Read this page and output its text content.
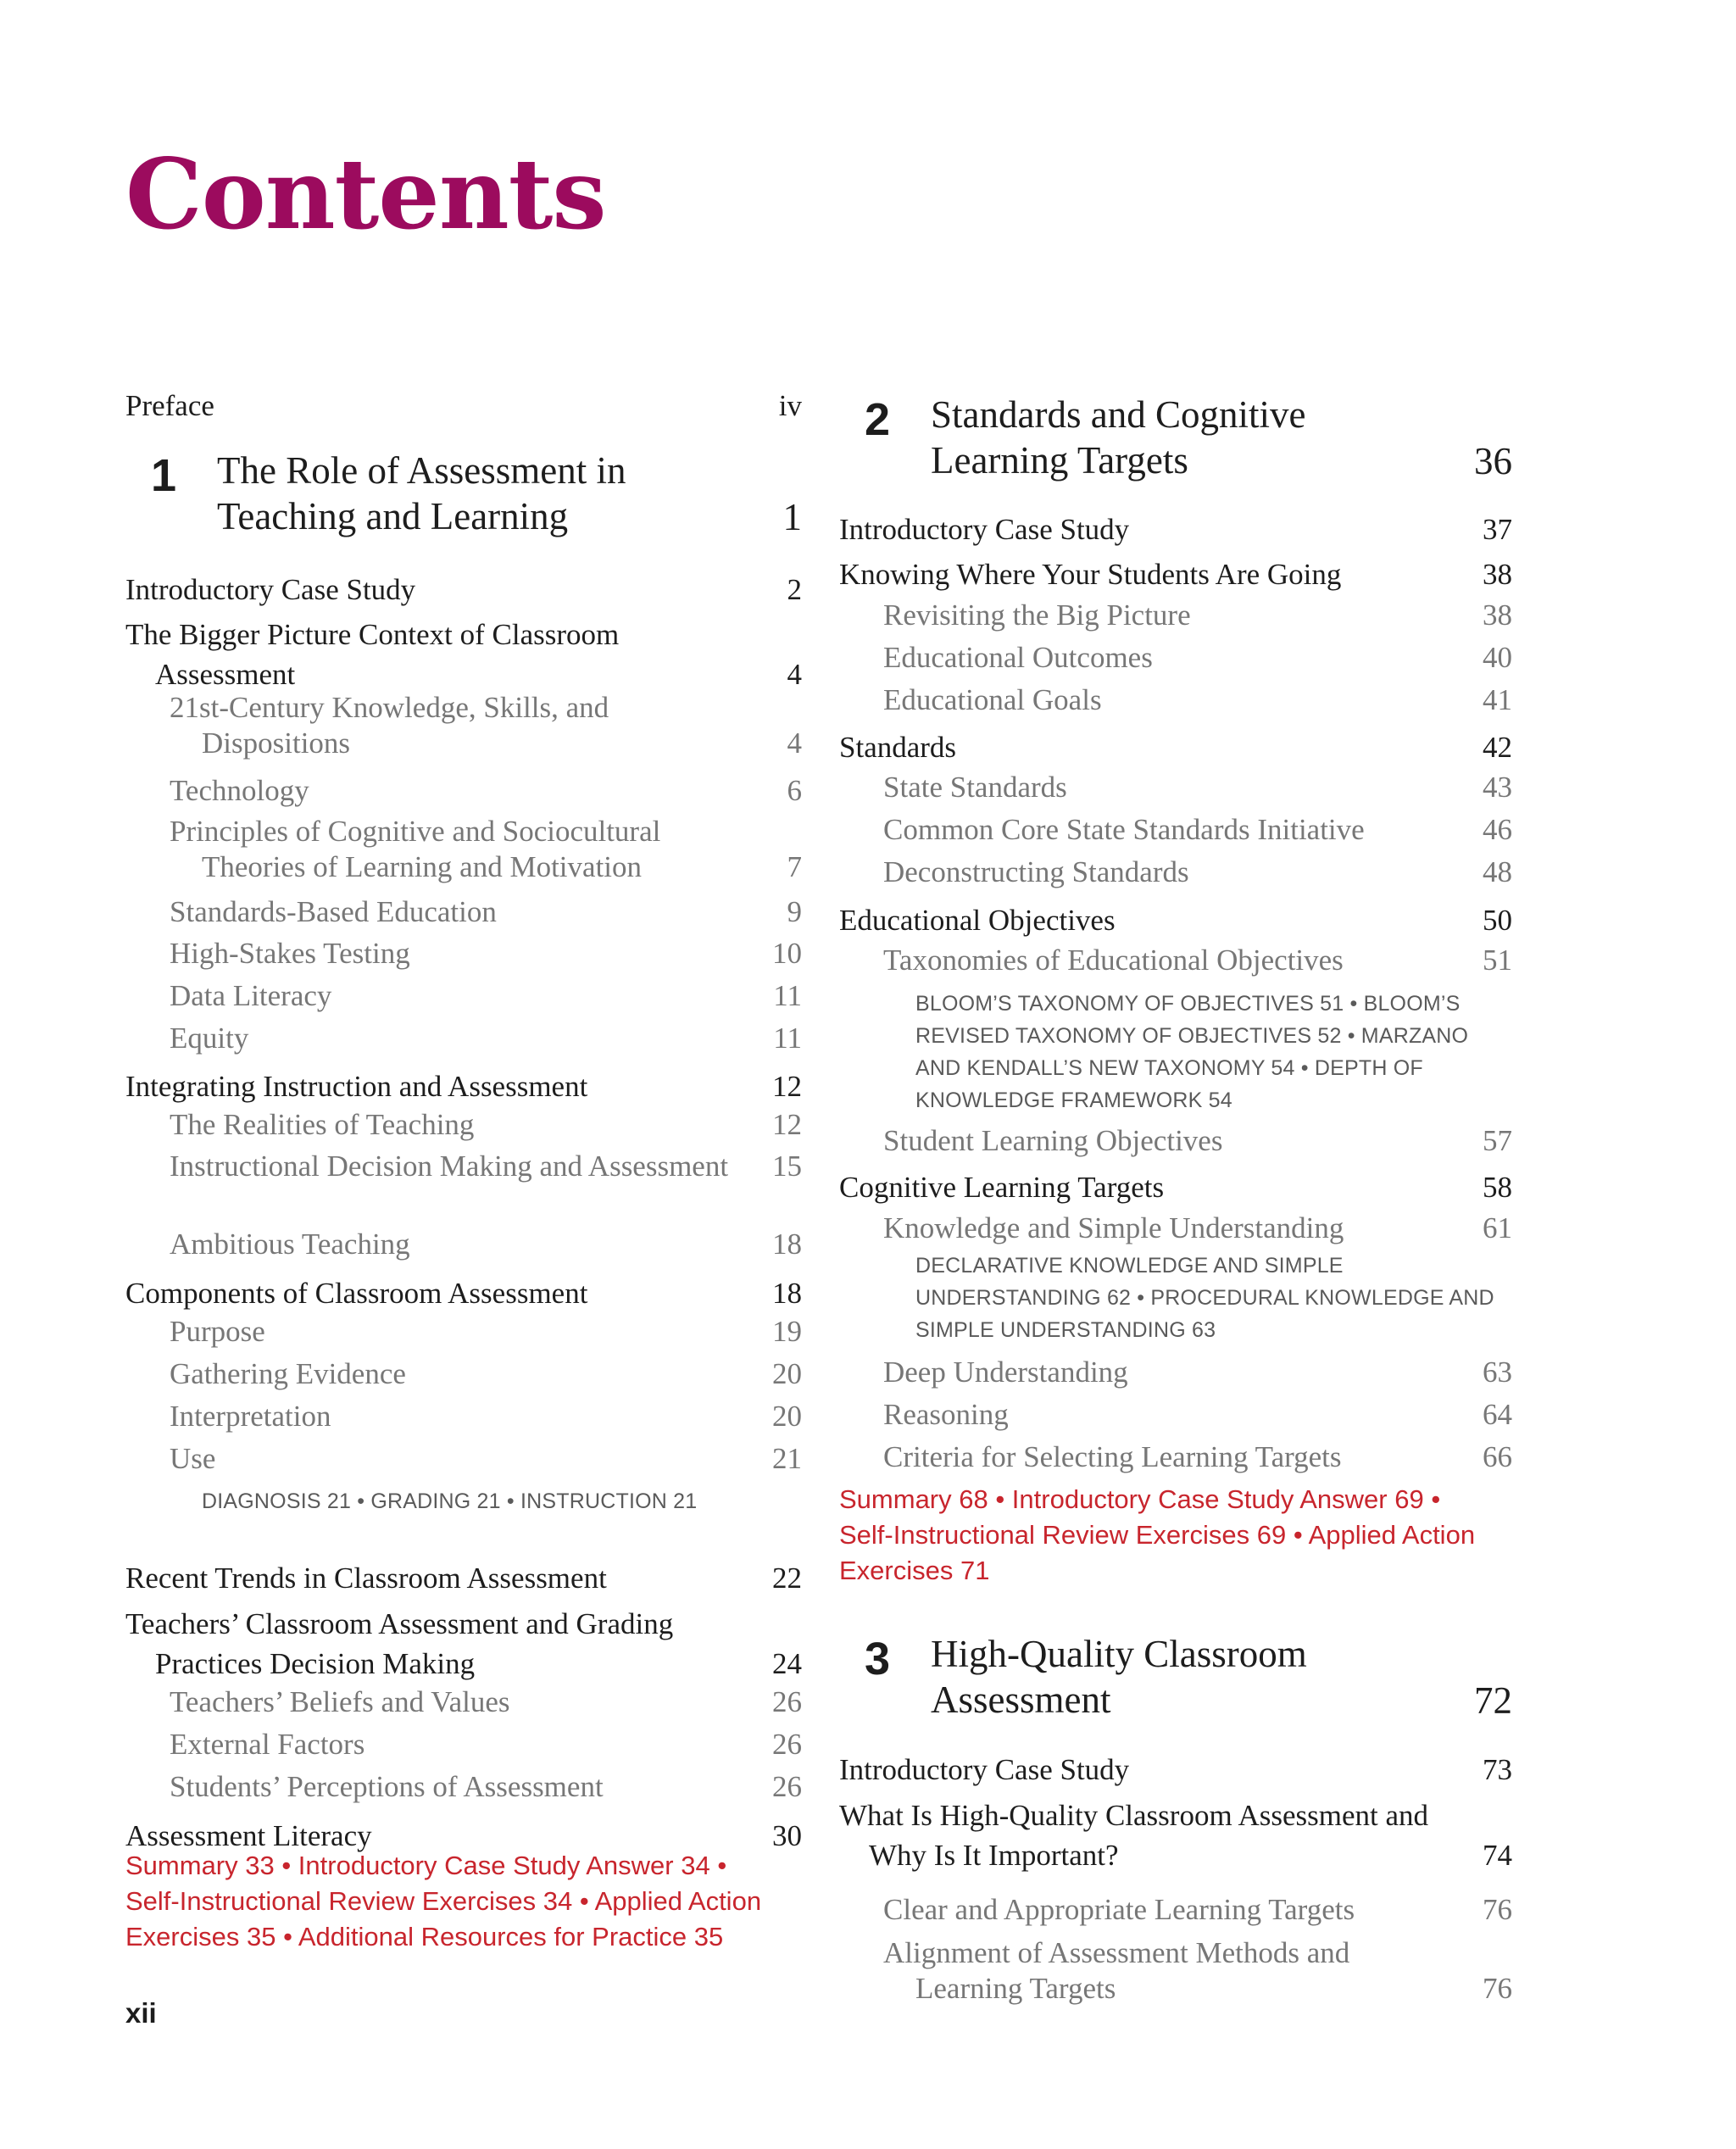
Contents
Preface	iv
1	The Role of Assessment in Teaching and Learning	1
Introductory Case Study	2
The Bigger Picture Context of Classroom Assessment	4
21st-Century Knowledge, Skills, and Dispositions	4
Technology	6
Principles of Cognitive and Sociocultural Theories of Learning and Motivation	7
Standards-Based Education	9
High-Stakes Testing	10
Data Literacy	11
Equity	11
Integrating Instruction and Assessment	12
The Realities of Teaching	12
Instructional Decision Making and Assessment	15
Ambitious Teaching	18
Components of Classroom Assessment	18
Purpose	19
Gathering Evidence	20
Interpretation	20
Use	21
DIAGNOSIS 21 • GRADING 21 • INSTRUCTION 21
Recent Trends in Classroom Assessment	22
Teachers’ Classroom Assessment and Grading Practices Decision Making	24
Teachers’ Beliefs and Values	26
External Factors	26
Students’ Perceptions of Assessment	26
Assessment Literacy	30
Summary 33 • Introductory Case Study Answer 34 • Self-Instructional Review Exercises 34 • Applied Action Exercises 35 • Additional Resources for Practice 35
2	Standards and Cognitive Learning Targets	36
Introductory Case Study	37
Knowing Where Your Students Are Going	38
Revisiting the Big Picture	38
Educational Outcomes	40
Educational Goals	41
Standards	42
State Standards	43
Common Core State Standards Initiative	46
Deconstructing Standards	48
Educational Objectives	50
Taxonomies of Educational Objectives	51
BLOOM’S TAXONOMY OF OBJECTIVES 51 • BLOOM’S REVISED TAXONOMY OF OBJECTIVES 52 • MARZANO AND KENDALL’S NEW TAXONOMY 54 • DEPTH OF KNOWLEDGE FRAMEWORK 54
Student Learning Objectives	57
Cognitive Learning Targets	58
Knowledge and Simple Understanding	61
DECLARATIVE KNOWLEDGE AND SIMPLE UNDERSTANDING 62 • PROCEDURAL KNOWLEDGE AND SIMPLE UNDERSTANDING 63
Deep Understanding	63
Reasoning	64
Criteria for Selecting Learning Targets	66
Summary 68 • Introductory Case Study Answer 69 • Self-Instructional Review Exercises 69 • Applied Action Exercises 71
3	High-Quality Classroom Assessment	72
Introductory Case Study	73
What Is High-Quality Classroom Assessment and Why Is It Important?	74
Clear and Appropriate Learning Targets	76
Alignment of Assessment Methods and Learning Targets	76
xii
